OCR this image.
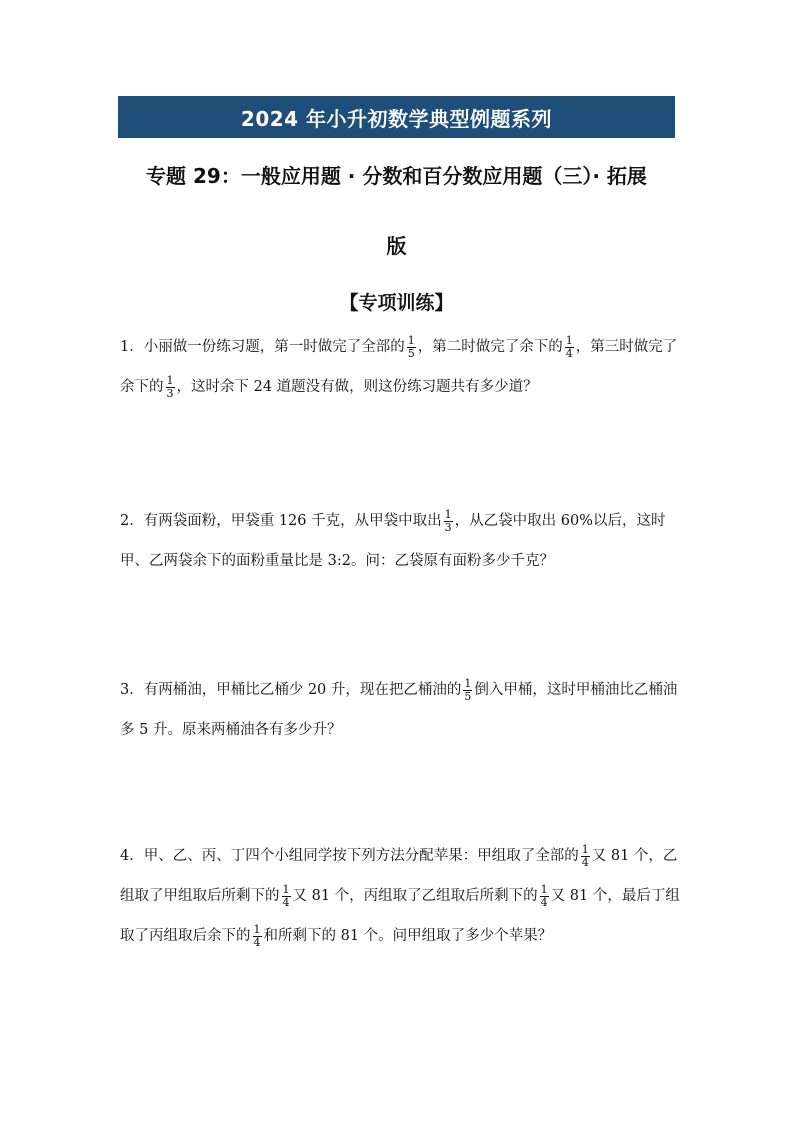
2024 年小升初数学典型例题系列
专题 29：一般应用题 · 分数和百分数应用题（三）· 拓展
版
【专项训练】
1．小丽做一份练习题，第一时做完了全部的 $\frac{1}{5}$ ，第二时做完了余下的 $\frac{1}{4}$ ，第三时做完了余下的 $\frac{1}{3}$ ，这时余下 24 道题没有做，则这份练习题共有多少道？
2．有两袋面粉，甲袋重 126 千克，从甲袋中取出 $\frac{1}{3}$ ，从乙袋中取出 60%以后，这时甲、乙两袋余下的面粉重量比是 3:2。问：乙袋原有面粉多少千克？
3．有两桶油，甲桶比乙桶少 20 升，现在把乙桶油的 $\frac{1}{5}$ 倒入甲桶，这时甲桶油比乙桶油多 5 升。原来两桶油各有多少升？
4．甲、乙、丙、丁四个小组同学按下列方法分配苹果：甲组取了全部的 $\frac{1}{4}$ 又 81 个，乙组取了甲组取后所剩下的 $\frac{1}{4}$ 又 81 个，丙组取了乙组取后所剩下的 $\frac{1}{4}$ 又 81 个，最后丁组取了丙组取后余下的 $\frac{1}{4}$ 和所剩下的 81 个。问甲组取了多少个苹果？
